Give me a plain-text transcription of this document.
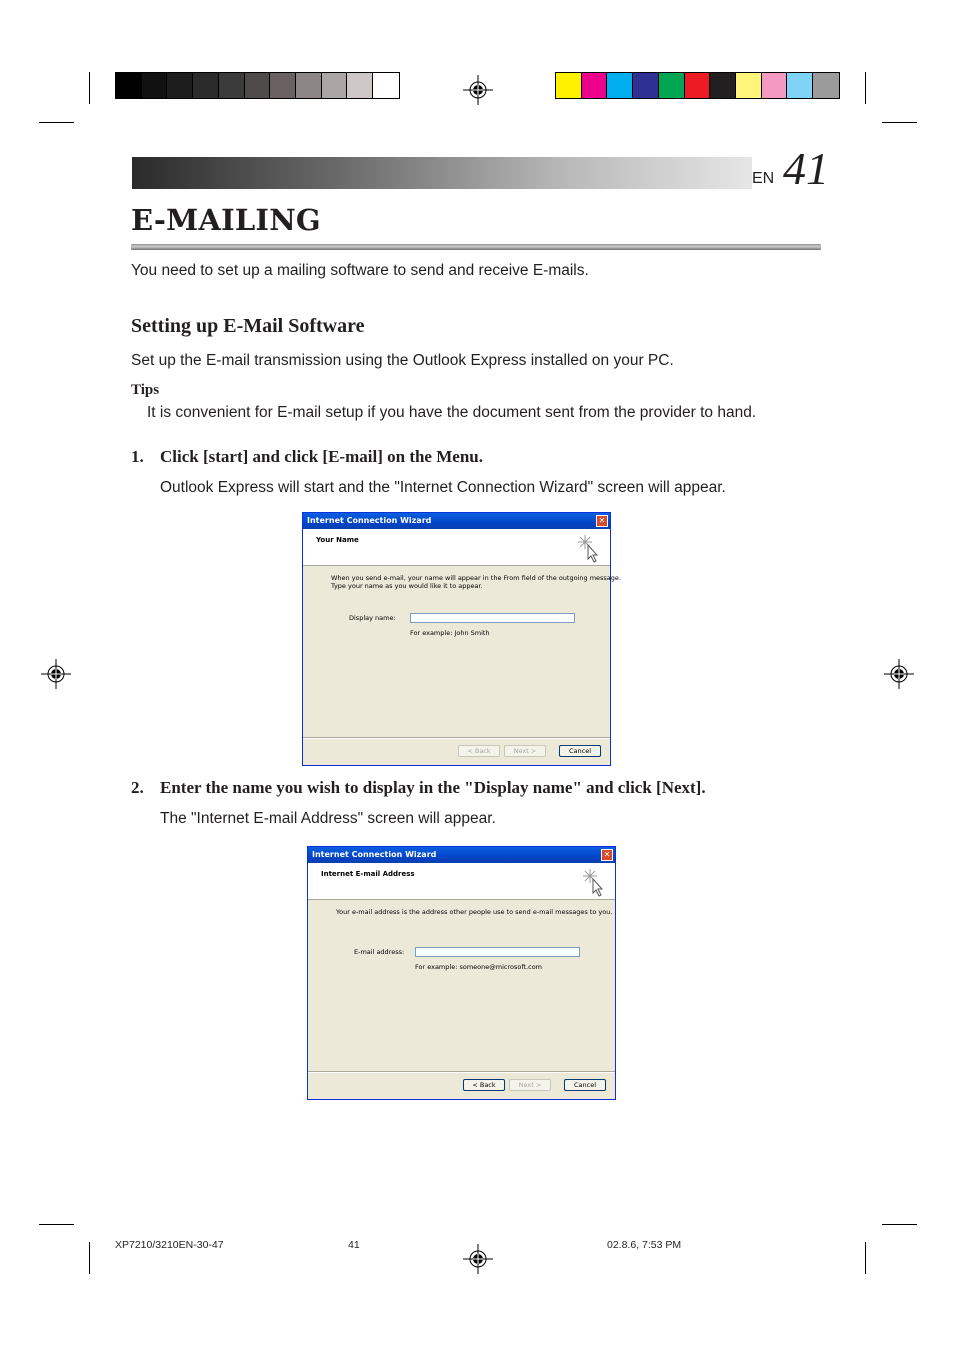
EN 41
E-MAILING
You need to set up a mailing software to send and receive E-mails.
Setting up E-Mail Software
Set up the E-mail transmission using the Outlook Express installed on your PC.
Tips
It is convenient for E-mail setup if you have the document sent from the provider to hand.
1. Click [start] and click [E-mail] on the Menu.
Outlook Express will start and the "Internet Connection Wizard" screen will appear.
Internet Connection Wizard	✕
Your Name
When you send e-mail, your name will appear in the From field of the outgoing message.
Type your name as you would like it to appear.
Display name:
For example: John Smith
< Back	Next >	Cancel
2. Enter the name you wish to display in the "Display name" and click [Next].
The "Internet E-mail Address" screen will appear.
Internet Connection Wizard	✕
Internet E-mail Address
Your e-mail address is the address other people use to send e-mail messages to you.
E-mail address:
For example: someone@microsoft.com
< Back	Next >	Cancel
XP7210/3210EN-30-47	41	02.8.6, 7:53 PM
